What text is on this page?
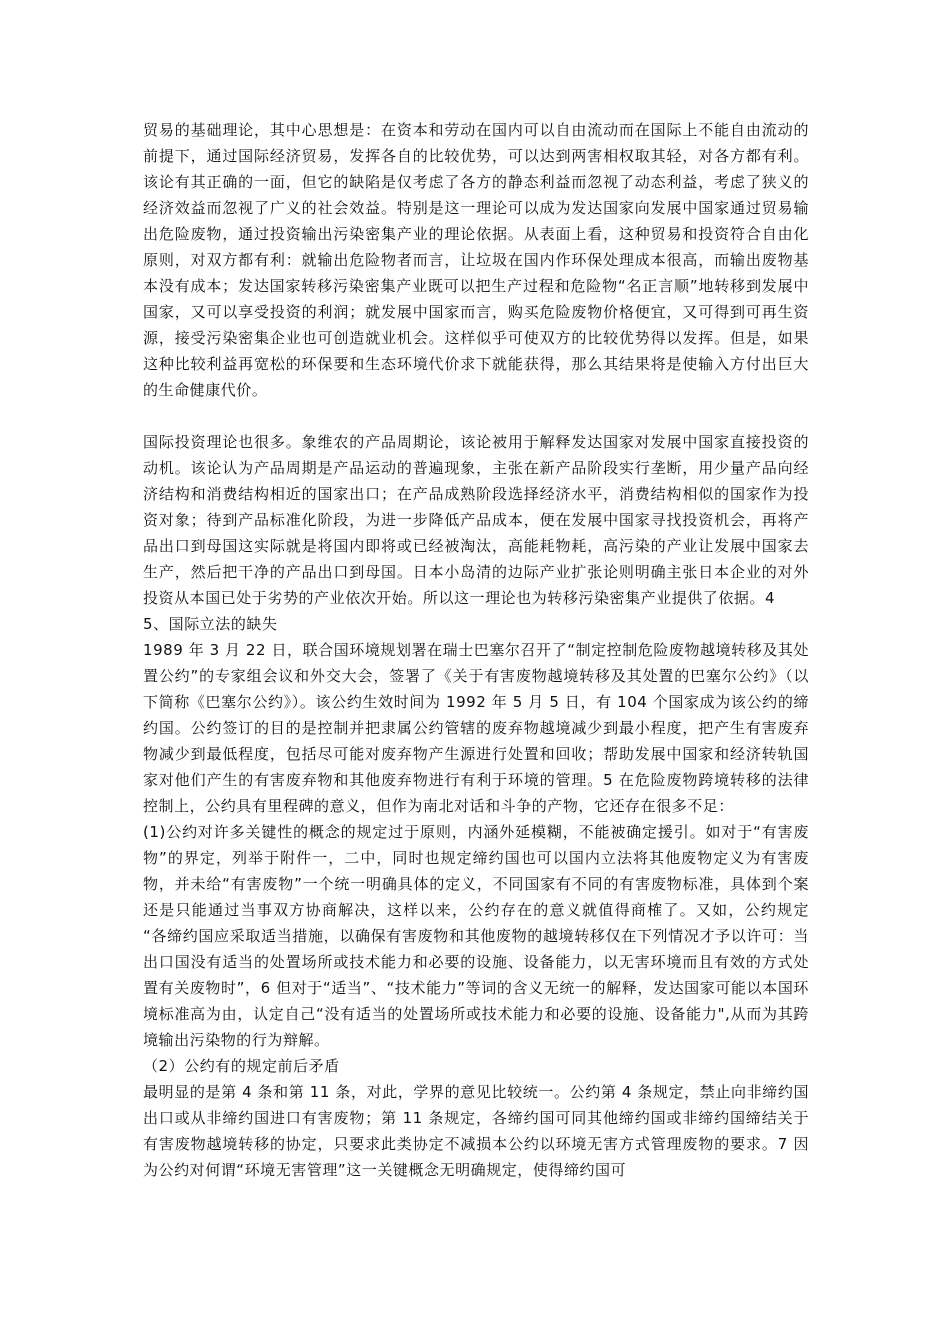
贸易的基础理论，其中心思想是：在资本和劳动在国内可以自由流动而在国际上不能自由流动的前提下，通过国际经济贸易，发挥各自的比较优势，可以达到两害相权取其轻，对各方都有利。该论有其正确的一面，但它的缺陷是仅考虑了各方的静态利益而忽视了动态利益，考虑了狭义的经济效益而忽视了广义的社会效益。特别是这一理论可以成为发达国家向发展中国家通过贸易输出危险废物，通过投资输出污染密集产业的理论依据。从表面上看，这种贸易和投资符合自由化原则，对双方都有利：就输出危险物者而言，让垃圾在国内作环保处理成本很高，而输出废物基本没有成本；发达国家转移污染密集产业既可以把生产过程和危险物“名正言顺”地转移到发展中国家，又可以享受投资的利润；就发展中国家而言，购买危险废物价格便宜，又可得到可再生资源，接受污染密集企业也可创造就业机会。这样似乎可使双方的比较优势得以发挥。但是，如果这种比较利益再宽松的环保要和生态环境代价求下就能获得，那么其结果将是使输入方付出巨大的生命健康代价。

国际投资理论也很多。象维农的产品周期论，该论被用于解释发达国家对发展中国家直接投资的动机。该论认为产品周期是产品运动的普遍现象，主张在新产品阶段实行垄断，用少量产品向经济结构和消费结构相近的国家出口；在产品成熟阶段选择经济水平，消费结构相似的国家作为投资对象；待到产品标准化阶段，为进一步降低产品成本，便在发展中国家寻找投资机会，再将产品出口到母国这实际就是将国内即将或已经被淘汰，高能耗物耗，高污染的产业让发展中国家去生产，然后把干净的产品出口到母国。日本小岛清的边际产业扩张论则明确主张日本企业的对外投资从本国已处于劣势的产业依次开始。所以这一理论也为转移污染密集产业提供了依据。4

5、国际立法的缺失

1989 年 3 月 22 日，联合国环境规划署在瑞士巴塞尔召开了“制定控制危险废物越境转移及其处置公约”的专家组会议和外交大会，签署了《关于有害废物越境转移及其处置的巴塞尔公约》（以下简称《巴塞尔公约》）。该公约生效时间为 1992 年 5 月 5 日，有 104 个国家成为该公约的缔约国。公约签订的目的是控制并把隶属公约管辖的废弃物越境减少到最小程度，把产生有害废弃物减少到最低程度，包括尽可能对废弃物产生源进行处置和回收；帮助发展中国家和经济转轨国家对他们产生的有害废弃物和其他废弃物进行有利于环境的管理。5 在危险废物跨境转移的法律控制上，公约具有里程碑的意义，但作为南北对话和斗争的产物，它还存在很多不足：

(1)公约对许多关键性的概念的规定过于原则，内涵外延模糊，不能被确定援引。如对于“有害废物”的界定，列举于附件一，二中，同时也规定缔约国也可以国内立法将其他废物定义为有害废物，并未给“有害废物”一个统一明确具体的定义，不同国家有不同的有害废物标准，具体到个案还是只能通过当事双方协商解决，这样以来，公约存在的意义就值得商榷了。又如，公约规定 “各缔约国应采取适当措施，以确保有害废物和其他废物的越境转移仅在下列情况才予以许可：当出口国没有适当的处置场所或技术能力和必要的设施、设备能力，以无害环境而且有效的方式处置有关废物时”，6 但对于“适当”、“技术能力”等词的含义无统一的解释，发达国家可能以本国环境标准高为由，认定自己“没有适当的处置场所或技术能力和必要的设施、设备能力",从而为其跨境输出污染物的行为辩解。

（2）公约有的规定前后矛盾

最明显的是第 4 条和第 11 条，对此，学界的意见比较统一。公约第 4 条规定，禁止向非缔约国出口或从非缔约国进口有害废物；第 11 条规定，各缔约国可同其他缔约国或非缔约国缔结关于有害废物越境转移的协定，只要求此类协定不减损本公约以环境无害方式管理废物的要求。7 因为公约对何谓“环境无害管理”这一关键概念无明确规定，使得缔约国可
